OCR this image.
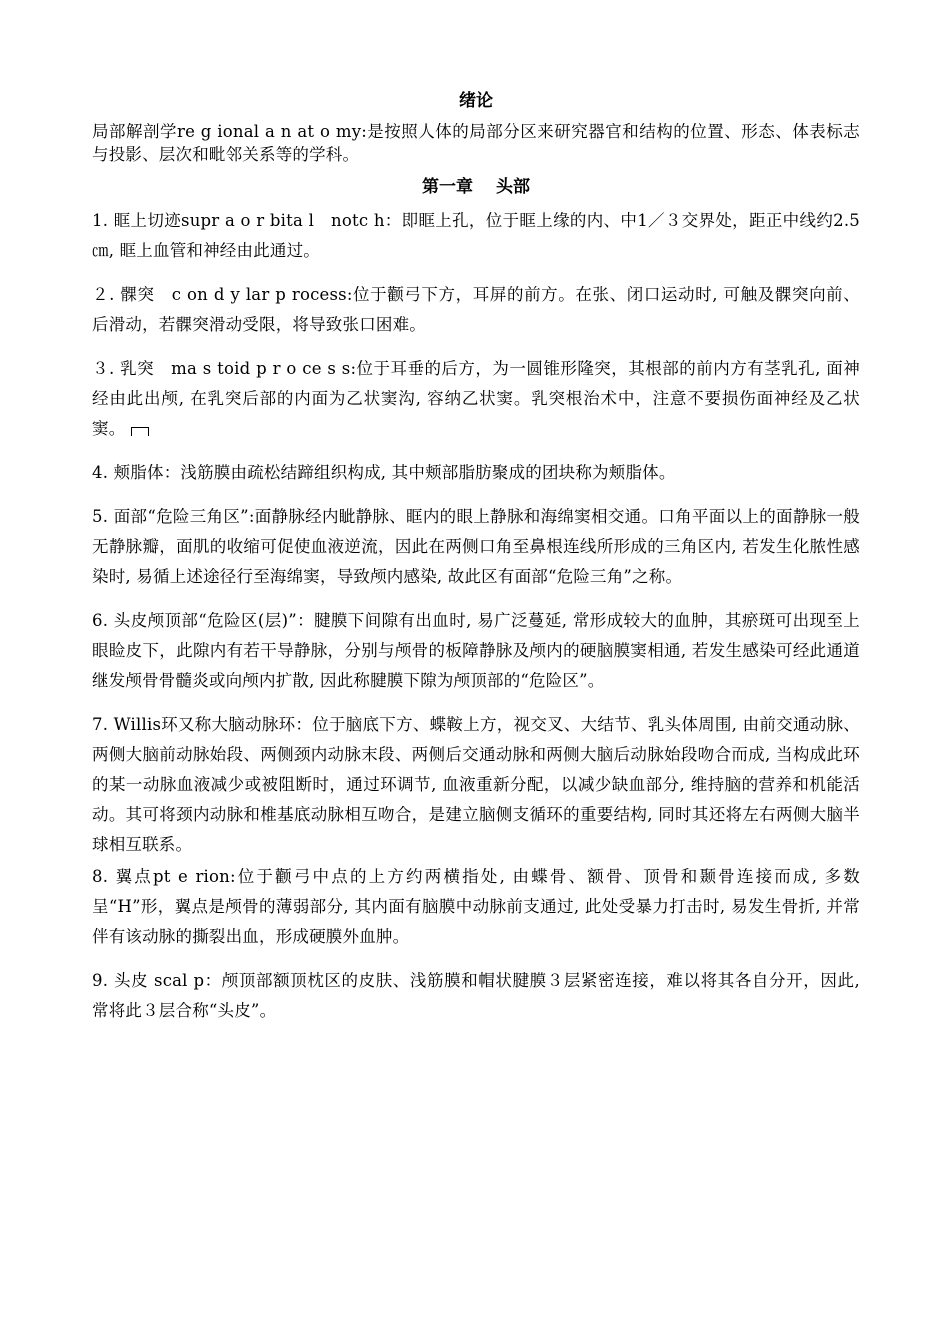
绪论

局部解剖学re g ional a n at o my:是按照人体的局部分区来研究器官和结构的位置、形态、体表标志与投影、层次和毗邻关系等的学科。

第一章　 头部

1. 眶上切迹supr a o r bita l　notc h：即眶上孔，位于眶上缘的内、中1／３交界处，距正中线约2.5㎝, 眶上血管和神经由此通过。

２. 髁突　c on d y lar p rocess:位于颧弓下方，耳屏的前方。在张、闭口运动时, 可触及髁突向前、后滑动，若髁突滑动受限，将导致张口困难。

３. 乳突　ma s toid p r o ce s s:位于耳垂的后方，为一圆锥形隆突，其根部的前内方有茎乳孔, 面神经由此出颅, 在乳突后部的内面为乙状窦沟, 容纳乙状窦。乳突根治术中，注意不要损伤面神经及乙状窦。

4. 颊脂体：浅筋膜由疏松结蹄组织构成, 其中颊部脂肪聚成的团块称为颊脂体。

5. 面部“危险三角区”:面静脉经内眦静脉、眶内的眼上静脉和海绵窦相交通。口角平面以上的面静脉一般无静脉瓣，面肌的收缩可促使血液逆流，因此在两侧口角至鼻根连线所形成的三角区内, 若发生化脓性感染时, 易循上述途径行至海绵窦，导致颅内感染, 故此区有面部“危险三角”之称。

6. 头皮颅顶部“危险区(层)”：腱膜下间隙有出血时, 易广泛蔓延, 常形成较大的血肿，其瘀斑可出现至上眼睑皮下，此隙内有若干导静脉，分别与颅骨的板障静脉及颅内的硬脑膜窦相通, 若发生感染可经此通道继发颅骨骨髓炎或向颅内扩散, 因此称腱膜下隙为颅顶部的“危险区”。

7. Willis环又称大脑动脉环：位于脑底下方、蝶鞍上方，视交叉、大结节、乳头体周围, 由前交通动脉、两侧大脑前动脉始段、两侧颈内动脉末段、两侧后交通动脉和两侧大脑后动脉始段吻合而成, 当构成此环的某一动脉血液减少或被阻断时，通过环调节, 血液重新分配，以减少缺血部分, 维持脑的营养和机能活动。其可将颈内动脉和椎基底动脉相互吻合，是建立脑侧支循环的重要结构, 同时其还将左右两侧大脑半球相互联系。

8. 翼点pt e rion:位于颧弓中点的上方约两横指处, 由蝶骨、额骨、顶骨和颞骨连接而成, 多数呈“H”形，翼点是颅骨的薄弱部分, 其内面有脑膜中动脉前支通过, 此处受暴力打击时, 易发生骨折, 并常伴有该动脉的撕裂出血，形成硬膜外血肿。

9. 头皮 scal p：颅顶部额顶枕区的皮肤、浅筋膜和帽状腱膜３层紧密连接，难以将其各自分开，因此, 常将此３层合称“头皮”。
